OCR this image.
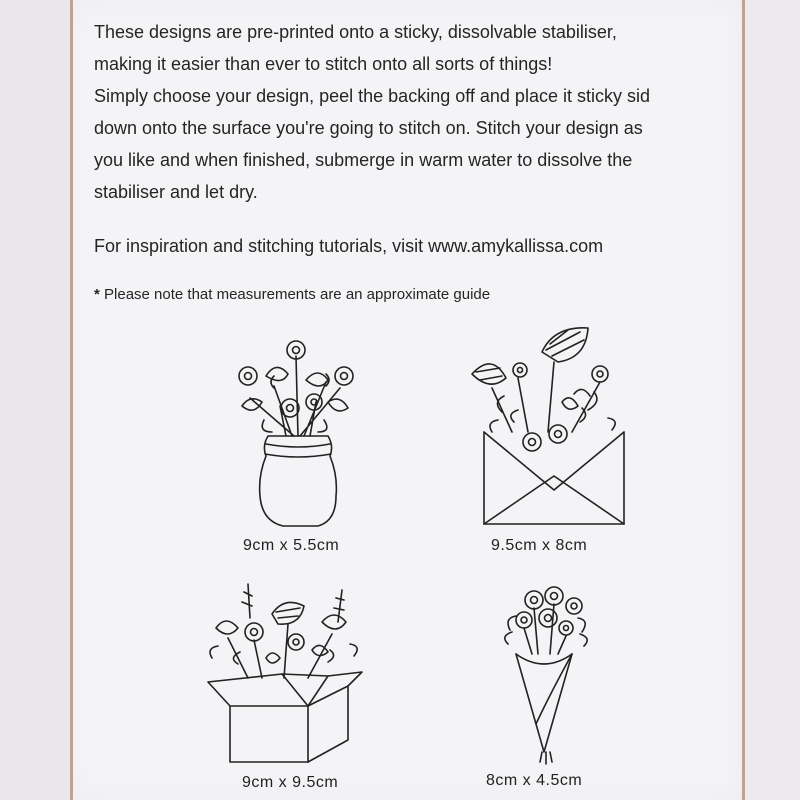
These designs are pre-printed onto a sticky, dissolvable stabiliser,

making it easier than ever to stitch onto all sorts of things!

Simply choose your design, peel the backing off and place it sticky sid

down onto the surface you're going to stitch on. Stitch your design as

you like and when finished, submerge in warm water to dissolve the

stabiliser and let dry.

For inspiration and stitching tutorials, visit www.amykallissa.com
* Please note that measurements are an approximate guide
9cm x 5.5cm	9.5cm x 8cm
9cm x 9.5cm	8cm x 4.5cm
